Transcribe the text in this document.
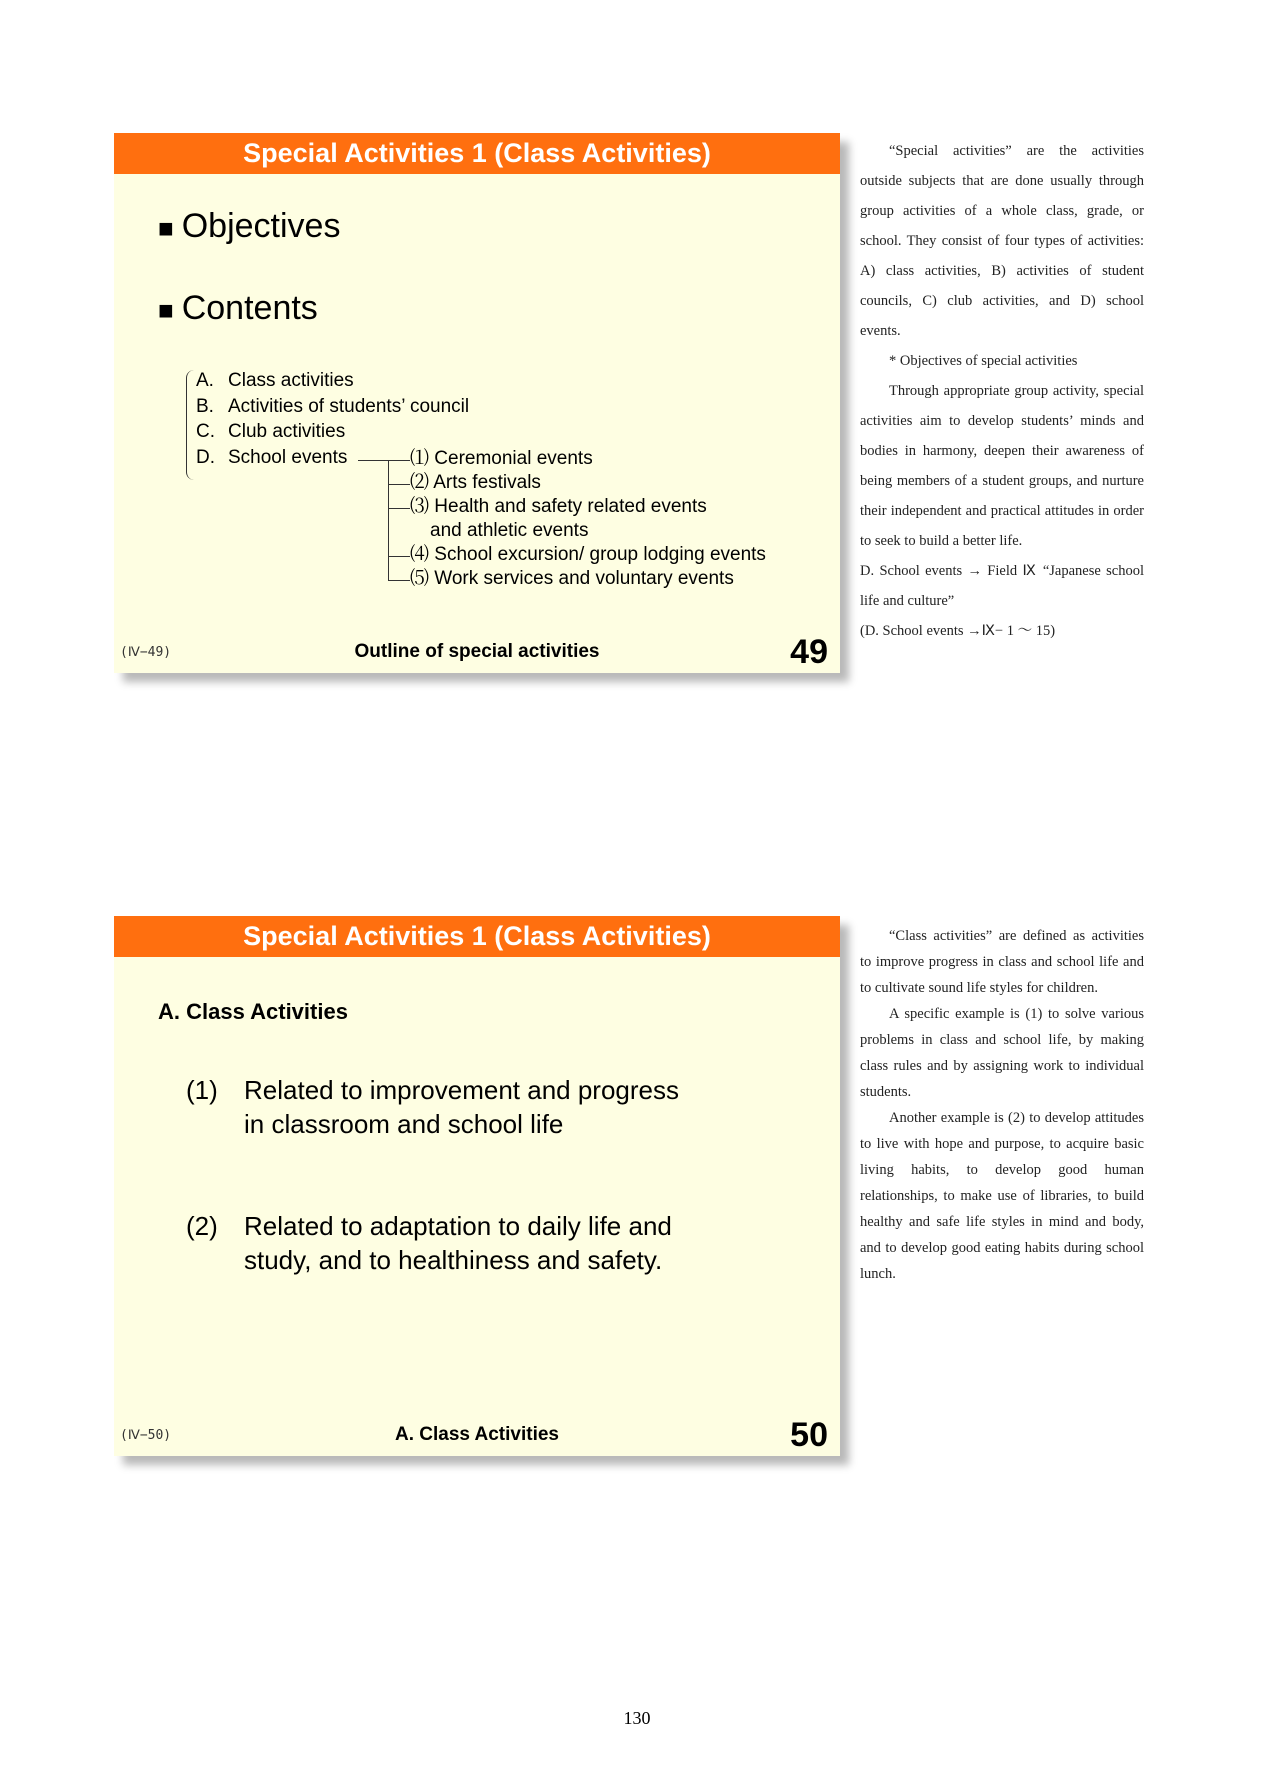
Special Activities 1 (Class Activities)
■ Objectives
■ Contents
A. Class activities
B. Activities of students’ council
C. Club activities
D. School events	⑴ Ceremonial events
⑵ Arts festivals
⑶ Health and safety related events
and athletic events
⑷ School excursion/ group lodging events
⑸ Work services and voluntary events
(Ⅳ−49)	Outline of special activities	49

“Special activities” are the activities outside subjects that are done usually through group activities of a whole class, grade, or school. They consist of four types of activities: A) class activities, B) activities of student councils, C) club activities, and D) school events.

* Objectives of special activities

Through appropriate group activity, special activities aim to develop students’ minds and bodies in harmony, deepen their awareness of being members of a student groups, and nurture their independent and practical attitudes in order to seek to build a better life.

D. School events → Field Ⅸ “Japanese school life and culture”

(D. School events →Ⅸ− 1 ～ 15)

Special Activities 1 (Class Activities)
A. Class Activities
(1) Related to improvement and progress
in classroom and school life
(2) Related to adaptation to daily life and
study, and to healthiness and safety.
(Ⅳ−50)	A. Class Activities	50

“Class activities” are defined as activities to improve progress in class and school life and to cultivate sound life styles for children.

A specific example is (1) to solve various problems in class and school life, by making class rules and by assigning work to individual students.

Another example is (2) to develop attitudes to live with hope and purpose, to acquire basic living habits, to develop good human relationships, to make use of libraries, to build healthy and safe life styles in mind and body, and to develop good eating habits during school lunch.

130
